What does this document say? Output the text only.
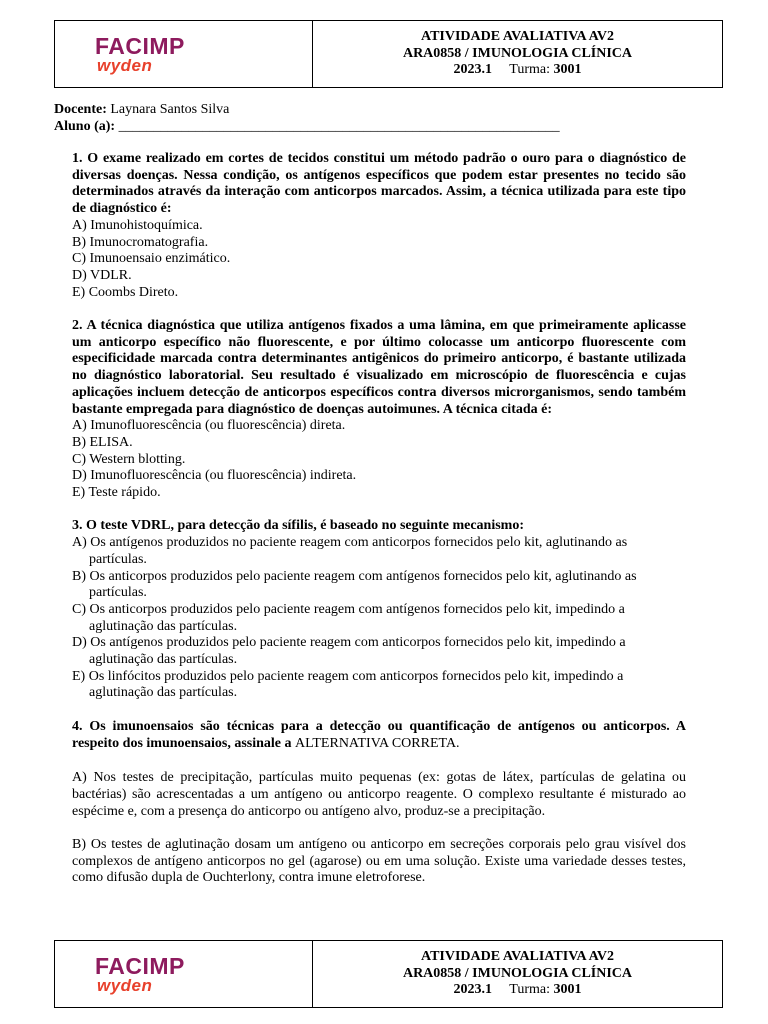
FACIMP
wyden
ATIVIDADE AVALIATIVA AV2
ARA0858 / IMUNOLOGIA CLÍNICA
2023.1 Turma: 3001
Docente: Laynara Santos Silva
Aluno (a): _______________________________________________________________
1. O exame realizado em cortes de tecidos constitui um método padrão o ouro para o diagnóstico de diversas doenças. Nessa condição, os antígenos específicos que podem estar presentes no tecido são determinados através da interação com anticorpos marcados. Assim, a técnica utilizada para este tipo de diagnóstico é:
A) Imunohistoquímica.
B) Imunocromatografia.
C) Imunoensaio enzimático.
D) VDLR.
E) Coombs Direto.
2. A técnica diagnóstica que utiliza antígenos fixados a uma lâmina, em que primeiramente aplicasse um anticorpo específico não fluorescente, e por último colocasse um anticorpo fluorescente com especificidade marcada contra determinantes antigênicos do primeiro anticorpo, é bastante utilizada no diagnóstico laboratorial. Seu resultado é visualizado em microscópio de fluorescência e cujas aplicações incluem detecção de anticorpos específicos contra diversos microrganismos, sendo também bastante empregada para diagnóstico de doenças autoimunes. A técnica citada é:
A) Imunofluorescência (ou fluorescência) direta.
B) ELISA.
C) Western blotting.
D) Imunofluorescência (ou fluorescência) indireta.
E) Teste rápido.
3. O teste VDRL, para detecção da sífilis, é baseado no seguinte mecanismo:
A) Os antígenos produzidos no paciente reagem com anticorpos fornecidos pelo kit, aglutinando as partículas.
B) Os anticorpos produzidos pelo paciente reagem com antígenos fornecidos pelo kit, aglutinando as partículas.
C) Os anticorpos produzidos pelo paciente reagem com antígenos fornecidos pelo kit, impedindo a aglutinação das partículas.
D) Os antígenos produzidos pelo paciente reagem com anticorpos fornecidos pelo kit, impedindo a aglutinação das partículas.
E) Os linfócitos produzidos pelo paciente reagem com anticorpos fornecidos pelo kit, impedindo a aglutinação das partículas.
4. Os imunoensaios são técnicas para a detecção ou quantificação de antígenos ou anticorpos. A respeito dos imunoensaios, assinale a ALTERNATIVA CORRETA.
A) Nos testes de precipitação, partículas muito pequenas (ex: gotas de látex, partículas de gelatina ou bactérias) são acrescentadas a um antígeno ou anticorpo reagente. O complexo resultante é misturado ao espécime e, com a presença do anticorpo ou antígeno alvo, produz-se a precipitação.
B) Os testes de aglutinação dosam um antígeno ou anticorpo em secreções corporais pelo grau visível dos complexos de antígeno anticorpos no gel (agarose) ou em uma solução. Existe uma variedade desses testes, como difusão dupla de Ouchterlony, contra imune eletroforese.
FACIMP
wyden
ATIVIDADE AVALIATIVA AV2
ARA0858 / IMUNOLOGIA CLÍNICA
2023.1 Turma: 3001
